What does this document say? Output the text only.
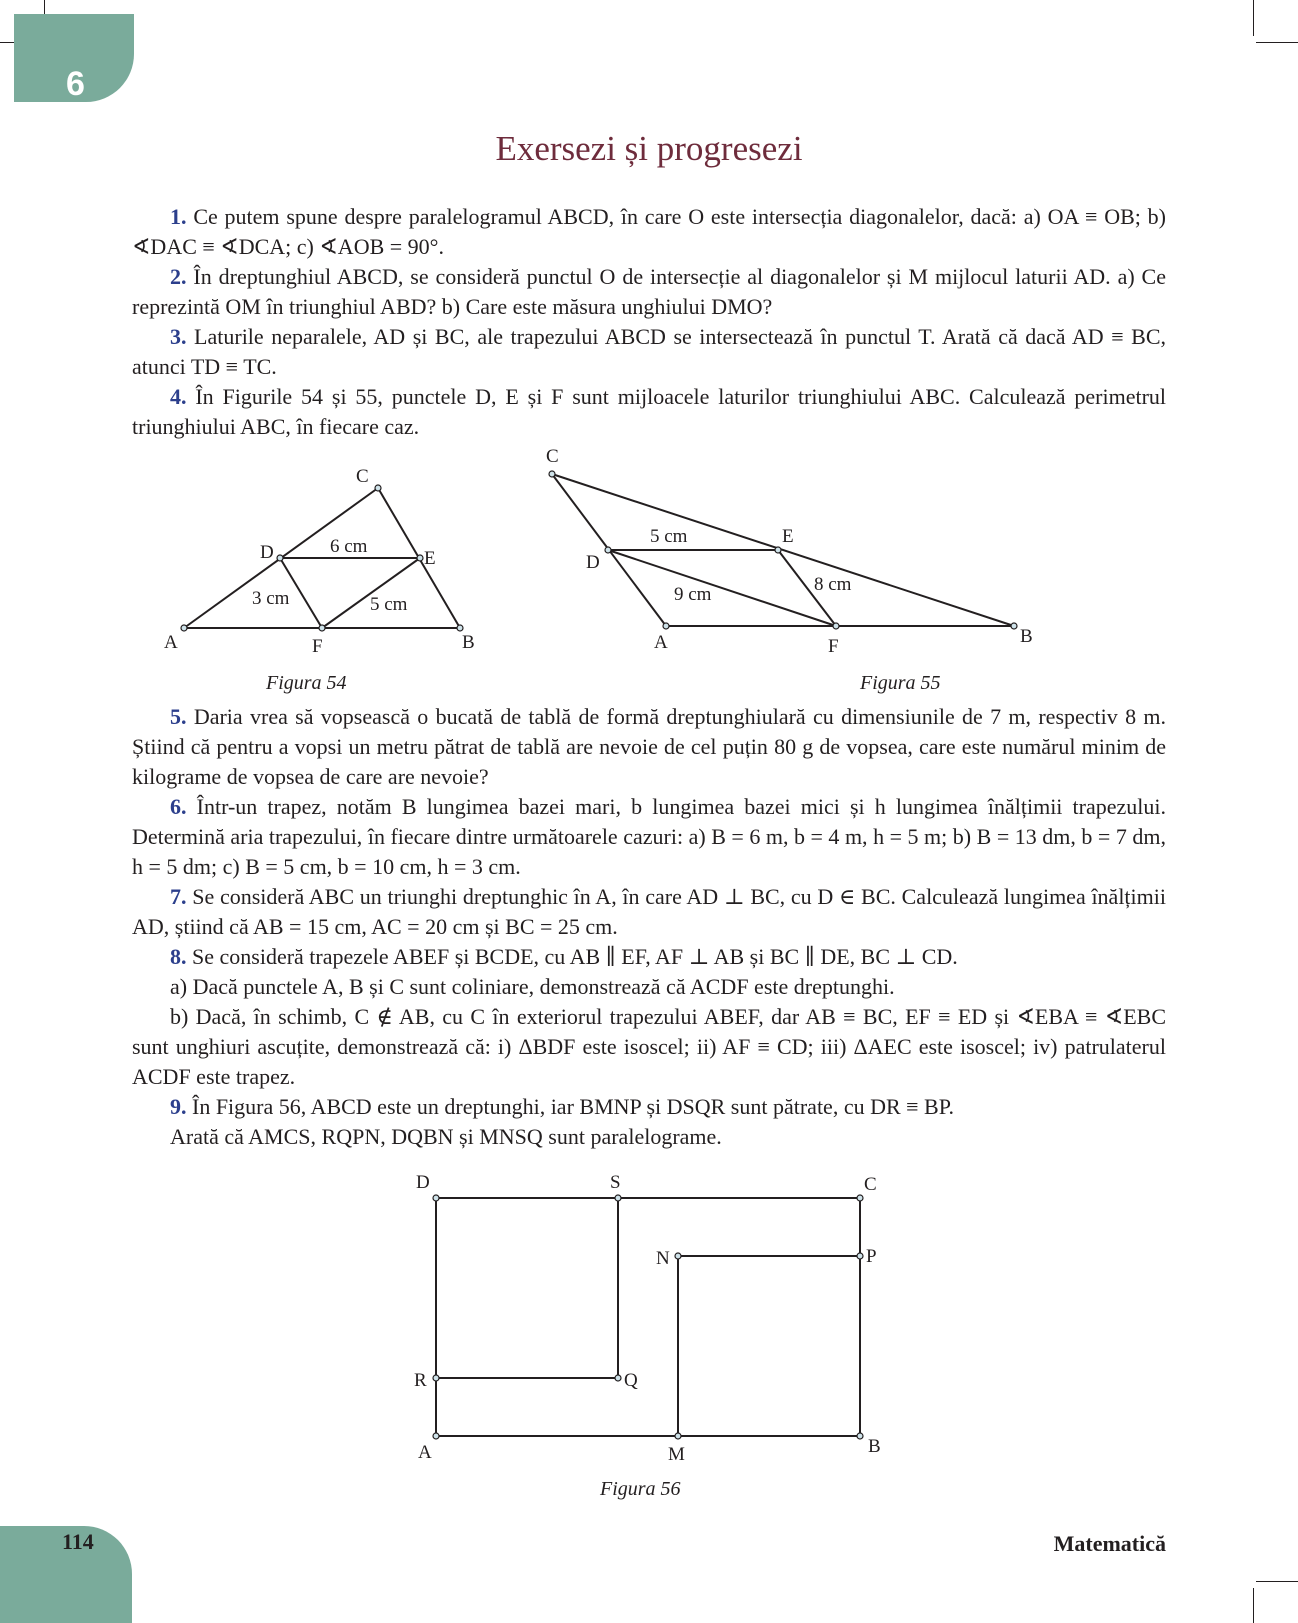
6
Exersezi și progresezi

1. Ce putem spune despre paralelogramul ABCD, în care O este intersecția diagonalelor, dacă: a) OA ≡ OB; b) ∢DAC ≡ ∢DCA; c) ∢AOB = 90°.

2. În dreptunghiul ABCD, se consideră punctul O de intersecție al diagonalelor și M mijlocul laturii AD. a) Ce reprezintă OM în triunghiul ABD? b) Care este măsura unghiului DMO?

3. Laturile neparalele, AD și BC, ale trapezului ABCD se intersectează în punctul T. Arată că dacă AD ≡ BC, atunci TD ≡ TC.

4. În Figurile 54 și 55, punctele D, E și F sunt mijloacele laturilor triunghiului ABC. Calculează perimetrul triunghiului ABC, în fiecare caz.

A	B
C
D	E
F
6 cm
3 cm	5 cm
Figura 54
C
D
E
A	F	B
5 cm
9 cm	8 cm
Figura 55

5. Daria vrea să vopsească o bucată de tablă de formă dreptunghiulară cu dimensiunile de 7 m, respectiv 8 m. Știind că pentru a vopsi un metru pătrat de tablă are nevoie de cel puțin 80 g de vopsea, care este numărul minim de kilograme de vopsea de care are nevoie?

6. Într-un trapez, notăm B lungimea bazei mari, b lungimea bazei mici și h lungimea înălțimii trapezului. Determină aria trapezului, în fiecare dintre următoarele cazuri: a) B = 6 m, b = 4 m, h = 5 m; b) B = 13 dm, b = 7 dm, h = 5 dm; c) B = 5 cm, b = 10 cm, h = 3 cm.

7. Se consideră ABC un triunghi dreptunghic în A, în care AD ⊥ BC, cu D ∈ BC. Calculează lungimea înălțimii AD, știind că AB = 15 cm, AC = 20 cm și BC = 25 cm.

8. Se consideră trapezele ABEF și BCDE, cu AB ∥ EF, AF ⊥ AB și BC ∥ DE, BC ⊥ CD.

a) Dacă punctele A, B și C sunt coliniare, demonstrează că ACDF este dreptunghi.

b) Dacă, în schimb, C ∉ AB, cu C în exteriorul trapezului ABEF, dar AB ≡ BC, EF ≡ ED și ∢EBA ≡ ∢EBC sunt unghiuri ascuțite, demonstrează că: i) ΔBDF este isoscel; ii) AF ≡ CD; iii) ΔAEC este isoscel; iv) patrulaterul ACDF este trapez.

9. În Figura 56, ABCD este un dreptunghi, iar BMNP și DSQR sunt pătrate, cu DR ≡ BP.

Arată că AMCS, RQPN, DQBN și MNSQ sunt paralelograme.

D	S	C
N	P
R	Q
A	M	B
Figura 56
114	Matematică
